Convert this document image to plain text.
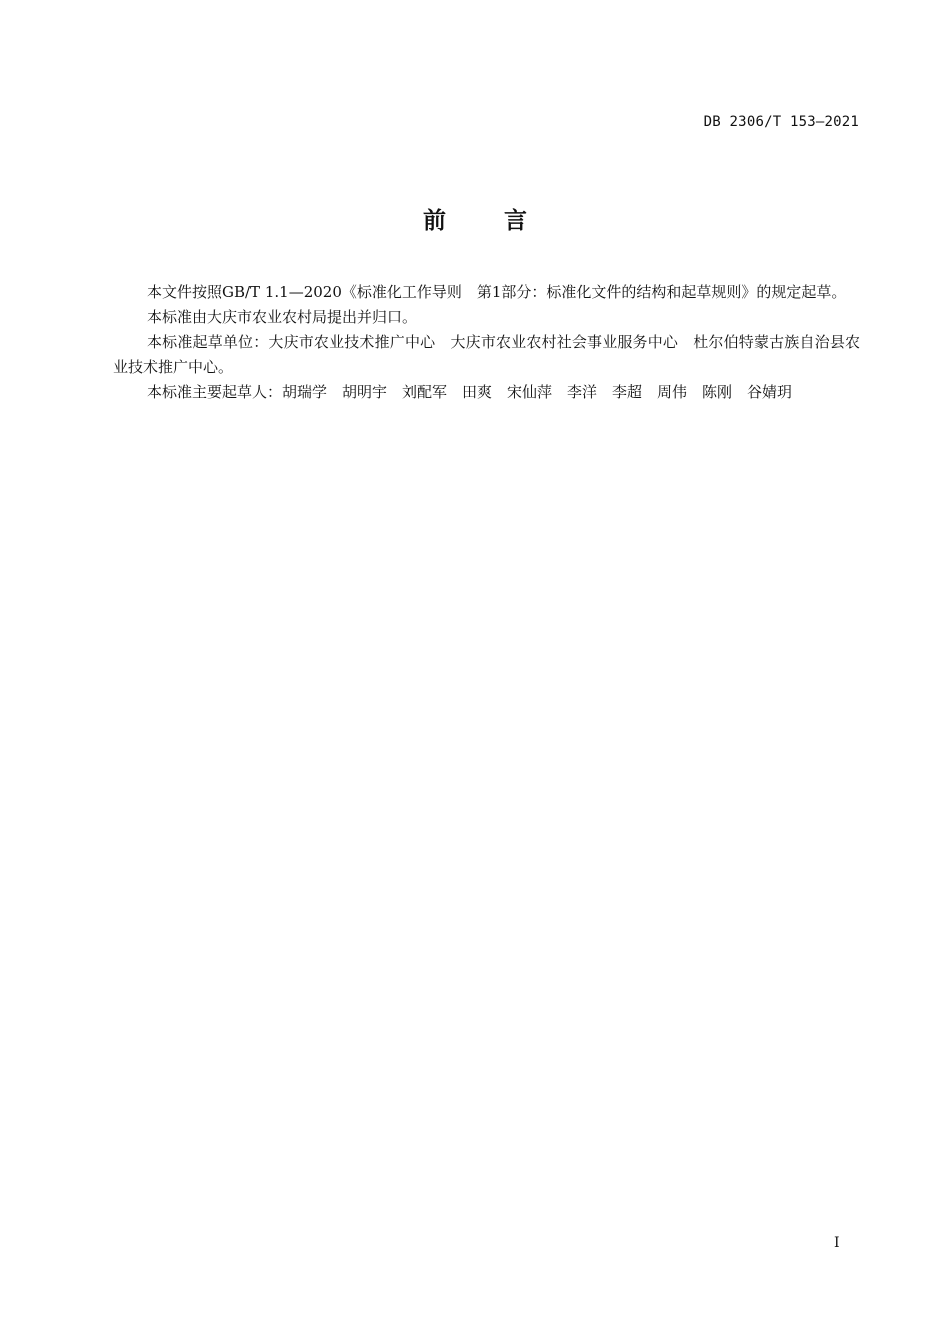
DB 2306/T 153—2021
前	言

本文件按照GB/T 1.1—2020《标准化工作导则　第1部分：标准化文件的结构和起草规则》的规定起草。

本标准由大庆市农业农村局提出并归口。

本标准起草单位：大庆市农业技术推广中心　大庆市农业农村社会事业服务中心　杜尔伯特蒙古族自治县农业技术推广中心。

本标准主要起草人：胡瑞学　胡明宇　刘配军　田爽　宋仙萍　李洋　李超　周伟　陈刚　谷婧玥

I
